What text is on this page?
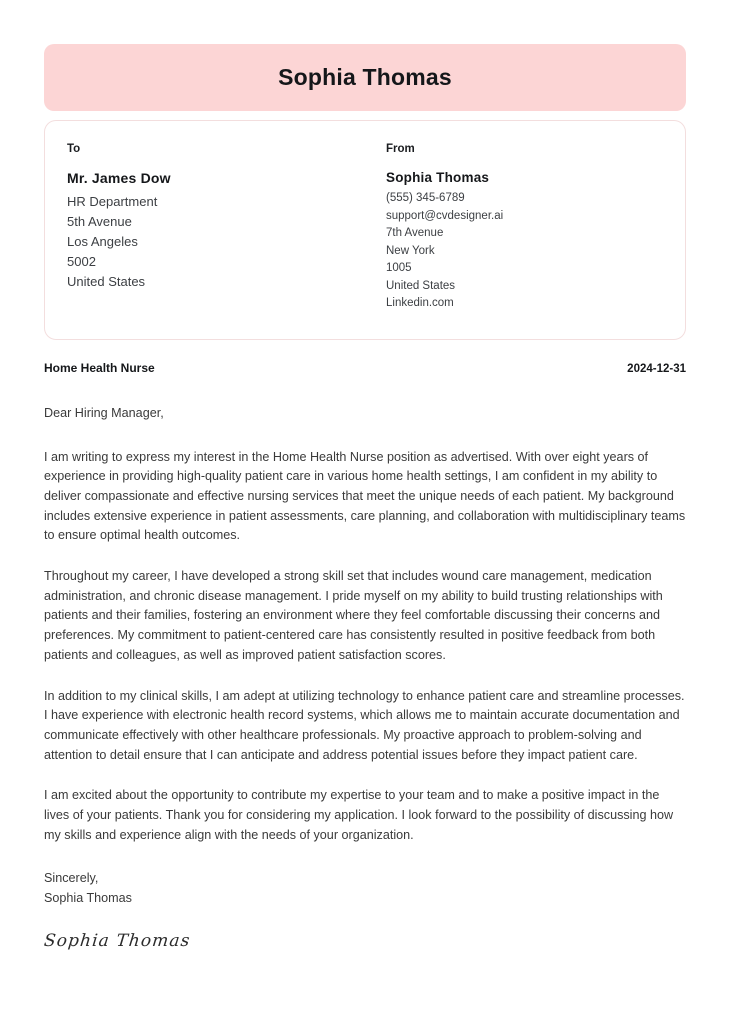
Sophia Thomas
To
Mr. James Dow
HR Department
5th Avenue
Los Angeles
5002
United States
From
Sophia Thomas
(555) 345-6789
support@cvdesigner.ai
7th Avenue
New York
1005
United States
Linkedin.com
Home Health Nurse	2024-12-31
Dear Hiring Manager,

I am writing to express my interest in the Home Health Nurse position as advertised. With over eight years of experience in providing high-quality patient care in various home health settings, I am confident in my ability to deliver compassionate and effective nursing services that meet the unique needs of each patient. My background includes extensive experience in patient assessments, care planning, and collaboration with multidisciplinary teams to ensure optimal health outcomes.

Throughout my career, I have developed a strong skill set that includes wound care management, medication administration, and chronic disease management. I pride myself on my ability to build trusting relationships with patients and their families, fostering an environment where they feel comfortable discussing their concerns and preferences. My commitment to patient-centered care has consistently resulted in positive feedback from both patients and colleagues, as well as improved patient satisfaction scores.

In addition to my clinical skills, I am adept at utilizing technology to enhance patient care and streamline processes. I have experience with electronic health record systems, which allows me to maintain accurate documentation and communicate effectively with other healthcare professionals. My proactive approach to problem-solving and attention to detail ensure that I can anticipate and address potential issues before they impact patient care.

I am excited about the opportunity to contribute my expertise to your team and to make a positive impact in the lives of your patients. Thank you for considering my application. I look forward to the possibility of discussing how my skills and experience align with the needs of your organization.

Sincerely,
Sophia Thomas
Sophia Thomas
